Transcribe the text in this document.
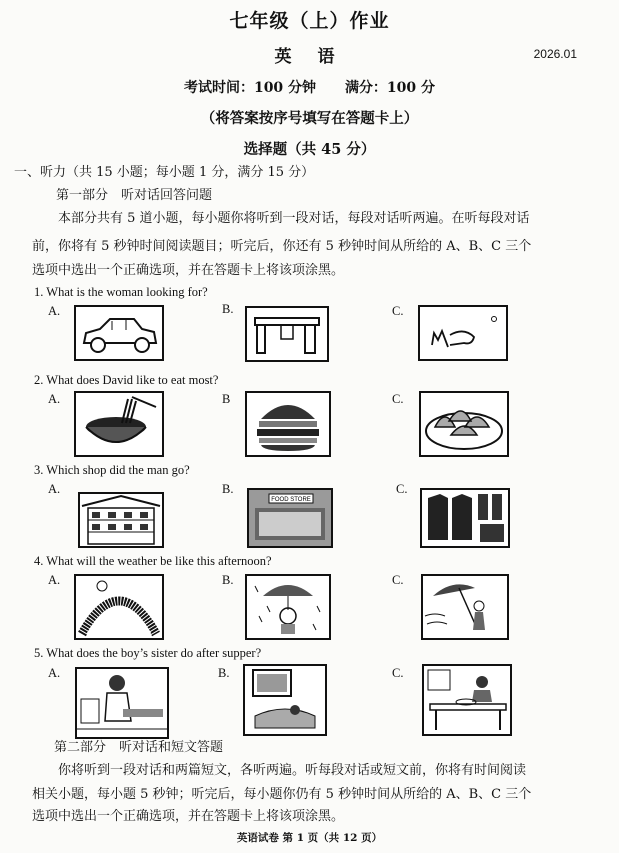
七年级（上）作业
英 语	2026.01
考试时间：100 分钟 满分：100 分
（将答案按序号填写在答题卡上）
选择题（共 45 分）
一、听力（共 15 小题；每小题 1 分，满分 15 分）
第一部分　听对话回答问题
本部分共有 5 道小题，每小题你将听到一段对话，每段对话听两遍。在听每段对话
前，你将有 5 秒钟时间阅读题目；听完后，你还有 5 秒钟时间从所给的 A、B、C 三个
选项中选出一个正确选项，并在答题卡上将该项涂黑。
1. What is the woman looking for?
A.	B.	C.
2. What does David like to eat most?
A.	B	C.
3. Which shop did the man go?
A.	B.	C.
FOOD STORE
4. What will the weather be like this afternoon?
A.	B.	C.
5. What does the boy’s sister do after supper?
A.	B.	C.
第二部分　听对话和短文答题
你将听到一段对话和两篇短文，各听两遍。听每段对话或短文前，你将有时间阅读
相关小题，每小题 5 秒钟；听完后，每小题你仍有 5 秒钟时间从所给的 A、B、C 三个
选项中选出一个正确选项，并在答题卡上将该项涂黑。
英语试卷 第 1 页（共 12 页）
